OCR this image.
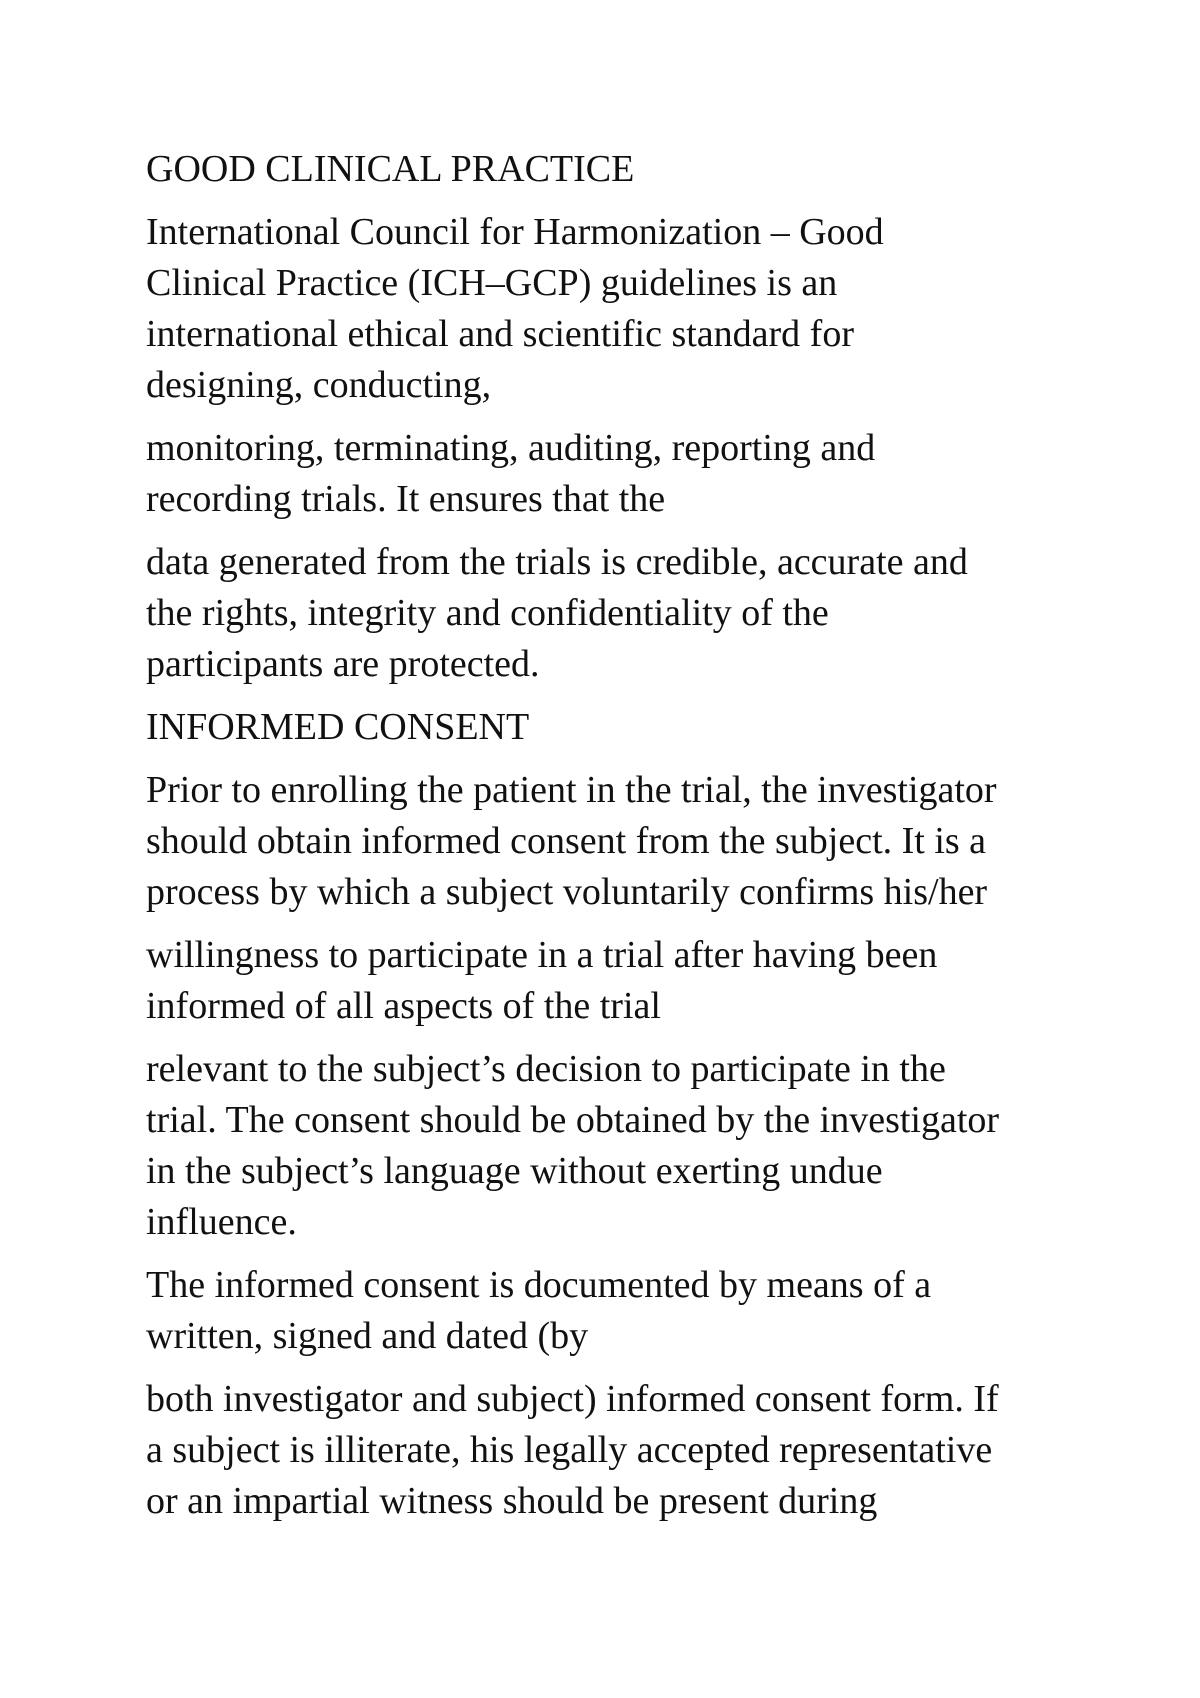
GOOD CLINICAL PRACTICE

International Council for Harmonization – Good
Clinical Practice (ICH–GCP) guidelines is an
international ethical and scientific standard for
designing, conducting,

monitoring, terminating, auditing, reporting and
recording trials. It ensures that the

data generated from the trials is credible, accurate and
the rights, integrity and confidentiality of the
participants are protected.

INFORMED CONSENT

Prior to enrolling the patient in the trial, the investigator
should obtain informed consent from the subject. It is a
process by which a subject voluntarily confirms his/her

willingness to participate in a trial after having been
informed of all aspects of the trial

relevant to the subject’s decision to participate in the
trial. The consent should be obtained by the investigator
in the subject’s language without exerting undue
influence.

The informed consent is documented by means of a
written, signed and dated (by

both investigator and subject) informed consent form. If
a subject is illiterate, his legally accepted representative
or an impartial witness should be present during
